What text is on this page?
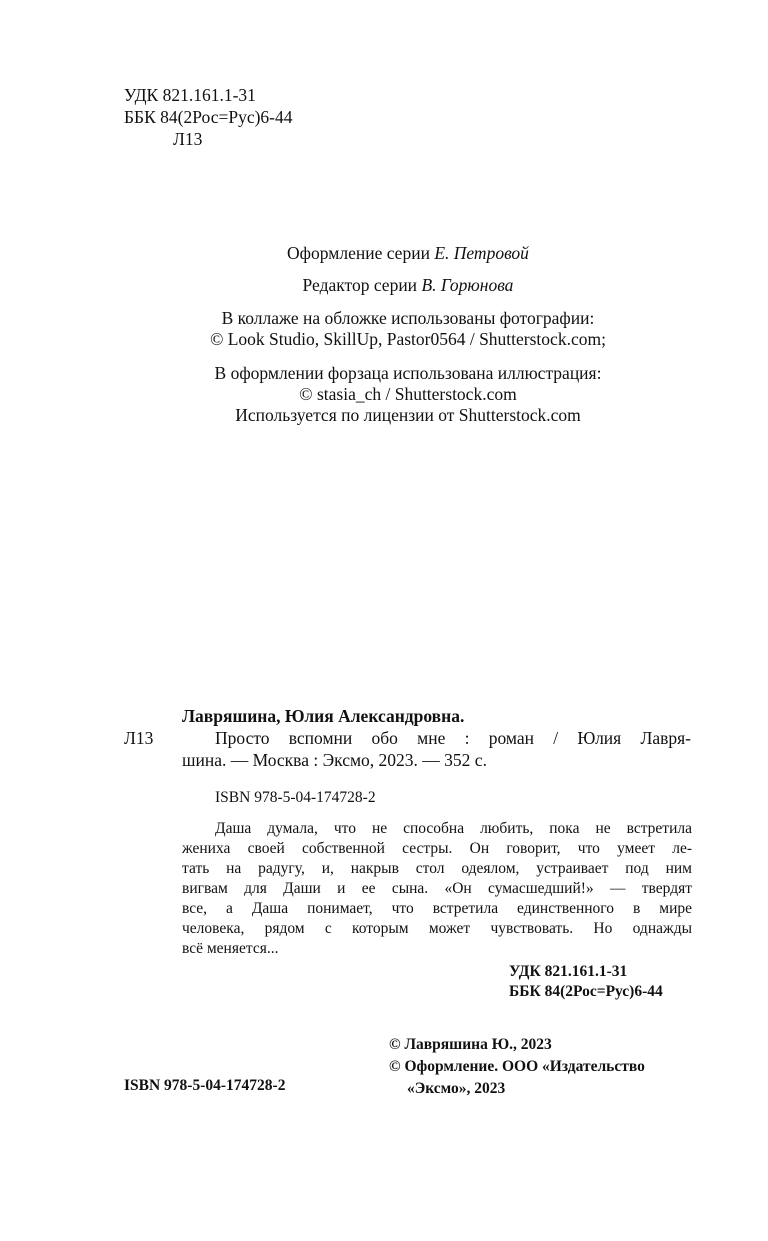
УДК 821.161.1-31
ББК 84(2Рос=Рус)6-44
Л13
Оформление серии Е. Петровой
Редактор серии В. Горюнова
В коллаже на обложке использованы фотографии:
© Look Studio, SkillUp, Pastor0564 / Shutterstock.com;
В оформлении форзаца использована иллюстрация:
© stasia_ch / Shutterstock.com
Используется по лицензии от Shutterstock.com
Лавряшина, Юлия Александровна.
Л13	Просто вспомни обо мне : роман / Юлия Лавря-
шина. — Москва : Эксмо, 2023. — 352 с.
ISBN 978-5-04-174728-2
Даша думала, что не способна любить, пока не встретила
жениха своей собственной сестры. Он говорит, что умеет ле-
тать на радугу, и, накрыв стол одеялом, устраивает под ним
вигвам для Даши и ее сына. «Он сумасшедший!» — твердят
все, а Даша понимает, что встретила единственного в мире
человека, рядом с которым может чувствовать. Но однажды
всё меняется...
УДК 821.161.1-31
ББК 84(2Рос=Рус)6-44
© Лавряшина Ю., 2023
© Оформление. ООО «Издательство
«Эксмо», 2023
ISBN 978-5-04-174728-2
